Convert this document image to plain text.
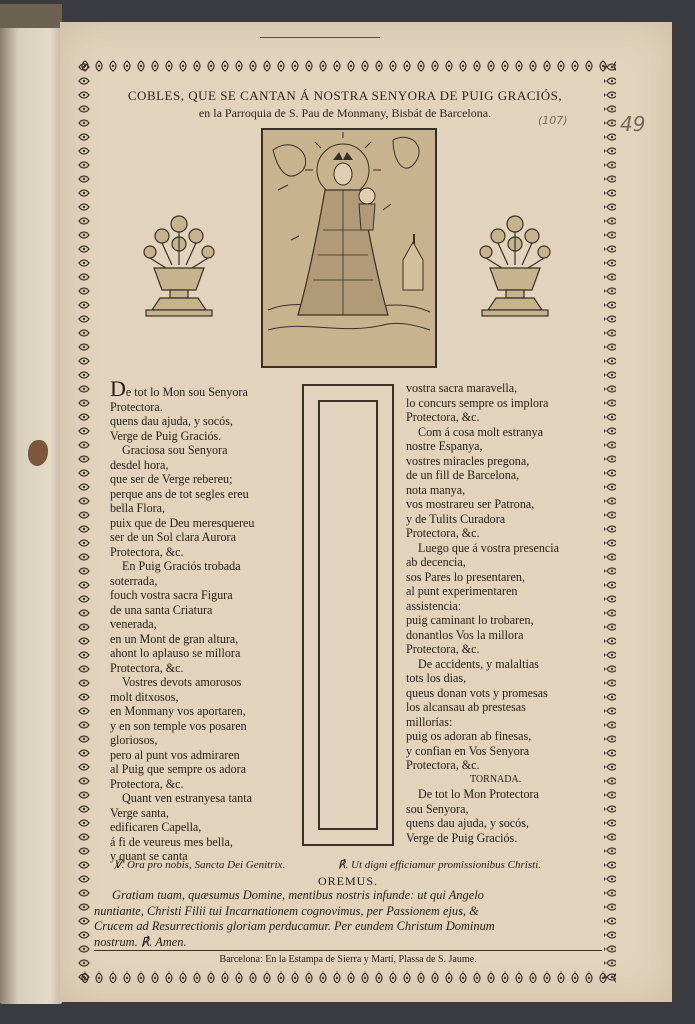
COBLES, QUE SE CANTAN Á NOSTRA SENYORA DE PUIG GRACIÓS,
en la Parroquia de S. Pau de Monmany, Bisbát de Barcelona.
(107)	49
De tot lo Mon sou Senyora
Protectora.
quens dau ajuda, y socós,
Verge de Puig Graciós.
Graciosa sou Senyora
desdel hora,
que ser de Verge rebereu;
perque ans de tot segles ereu
bella Flora,
puix que de Deu meresquereu
ser de un Sol clara Aurora
Protectora, &c.
En Puig Graciós trobada
soterrada,
fouch vostra sacra Figura
de una santa Criatura
venerada,
en un Mont de gran altura,
ahont lo aplauso se millora
Protectora, &c.
Vostres devots amorosos
molt ditxosos,
en Monmany vos aportaren,
y en son temple vos posaren
gloriosos,
pero al punt vos admiraren
al Puig que sempre os adora
Protectora, &c.
Quant ven estranyesa tanta
Verge santa,
edificaren Capella,
á fi de veureus mes bella,
y quant se canta
vostra sacra maravella,
lo concurs sempre os implora
Protectora, &c.
Com á cosa molt estranya
nostre Espanya,
vostres miracles pregona,
de un fill de Barcelona,
nota manya,
vos mostrareu ser Patrona,
y de Tulits Curadora
Protectora, &c.
Luego que á vostra presencia
ab decencia,
sos Pares lo presentaren,
al punt experimentaren
assistencia:
puig caminant lo trobaren,
donantlos Vos la millora
Protectora, &c.
De accidents, y malaltias
tots los dias,
queus donan vots y promesas
los alcansau ab prestesas
millorías:
puig os adoran ab finesas,
y confian en Vos Senyora
Protectora, &c.
TORNADA.
De tot lo Mon Protectora
sou Senyora,
quens dau ajuda, y socós,
Verge de Puig Graciós.
℣. Ora pro nobis, Sancta Dei Genitrix.	℟. Ut digni efficiamur promissionibus Christi.
OREMUS.
Gratiam tuam, quæsumus Domine, mentibus nostris infunde: ut qui Angelo
nuntiante, Christi Filii tui Incarnationem cognovimus, per Passionem ejus, &
Crucem ad Resurrectionis gloriam perducamur. Per eundem Christum Dominum
nostrum. ℟. Amen.
Barcelona: En la Estampa de Sierra y Martí, Plassa de S. Jaume.
